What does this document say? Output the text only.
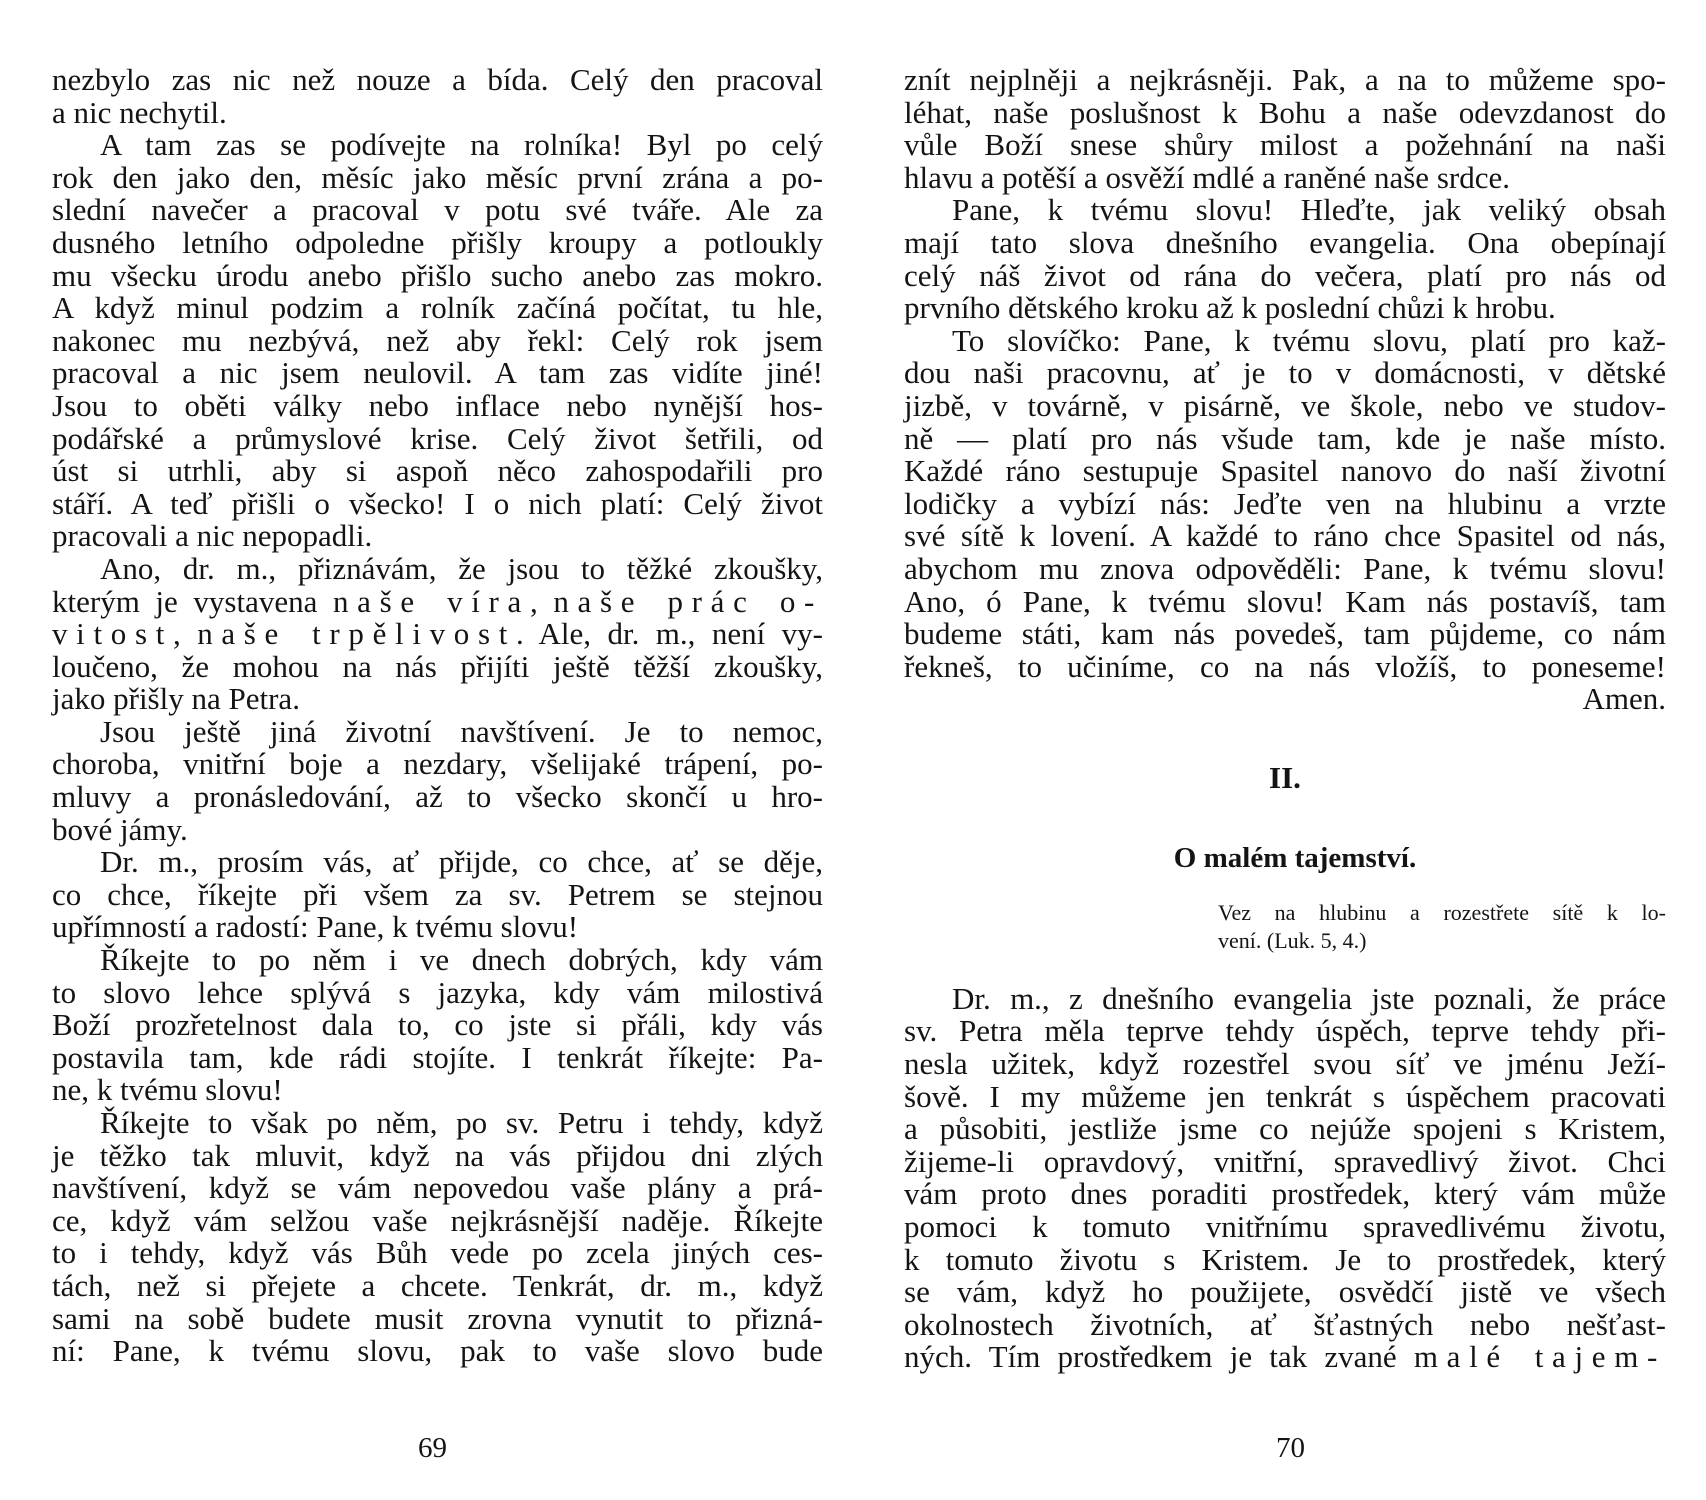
nezbylo zas nic než nouze a bída. Celý den pracoval
a nic nechytil.
A tam zas se podívejte na rolníka! Byl po celý
rok den jako den, měsíc jako měsíc první zrána a po-
slední navečer a pracoval v potu své tváře. Ale za
dusného letního odpoledne přišly kroupy a potloukly
mu všecku úrodu anebo přišlo sucho anebo zas mokro.
A když minul podzim a rolník začíná počítat, tu hle,
nakonec mu nezbývá, než aby řekl: Celý rok jsem
pracoval a nic jsem neulovil. A tam zas vidíte jiné!
Jsou to oběti války nebo inflace nebo nynější hos-
podářské a průmyslové krise. Celý život šetřili, od
úst si utrhli, aby si aspoň něco zahospodařili pro
stáří. A teď přišli o všecko! I o nich platí: Celý život
pracovali a nic nepopadli.
Ano, dr. m., přiznávám, že jsou to těžké zkoušky,
kterým je vystavena naše víra, naše prác o-
vitost, naše trpělivost. Ale, dr. m., není vy-
loučeno, že mohou na nás přijíti ještě těžší zkoušky,
jako přišly na Petra.
Jsou ještě jiná životní navštívení. Je to nemoc,
choroba, vnitřní boje a nezdary, všelijaké trápení, po-
mluvy a pronásledování, až to všecko skončí u hro-
bové jámy.
Dr. m., prosím vás, ať přijde, co chce, ať se děje,
co chce, říkejte při všem za sv. Petrem se stejnou
upřímností a radostí: Pane, k tvému slovu!
Říkejte to po něm i ve dnech dobrých, kdy vám
to slovo lehce splývá s jazyka, kdy vám milostivá
Boží prozřetelnost dala to, co jste si přáli, kdy vás
postavila tam, kde rádi stojíte. I tenkrát říkejte: Pa-
ne, k tvému slovu!
Říkejte to však po něm, po sv. Petru i tehdy, když
je těžko tak mluvit, když na vás přijdou dni zlých
navštívení, když se vám nepovedou vaše plány a prá-
ce, když vám selžou vaše nejkrásnější naděje. Říkejte
to i tehdy, když vás Bůh vede po zcela jiných ces-
tách, než si přejete a chcete. Tenkrát, dr. m., když
sami na sobě budete musit zrovna vynutit to přizná-
ní: Pane, k tvému slovu, pak to vaše slovo bude
69
znít nejplněji a nejkrásněji. Pak, a na to můžeme spo-
léhat, naše poslušnost k Bohu a naše odevzdanost do
vůle Boží snese shůry milost a požehnání na naši
hlavu a potěší a osvěží mdlé a raněné naše srdce.
Pane, k tvému slovu! Hleďte, jak veliký obsah
mají tato slova dnešního evangelia. Ona obepínají
celý náš život od rána do večera, platí pro nás od
prvního dětského kroku až k poslední chůzi k hrobu.
To slovíčko: Pane, k tvému slovu, platí pro kaž-
dou naši pracovnu, ať je to v domácnosti, v dětské
jizbě, v továrně, v pisárně, ve škole, nebo ve studov-
ně — platí pro nás všude tam, kde je naše místo.
Každé ráno sestupuje Spasitel nanovo do naší životní
lodičky a vybízí nás: Jeďte ven na hlubinu a vrzte
své sítě k lovení. A každé to ráno chce Spasitel od nás,
abychom mu znova odpověděli: Pane, k tvému slovu!
Ano, ó Pane, k tvému slovu! Kam nás postavíš, tam
budeme státi, kam nás povedeš, tam půjdeme, co nám
řekneš, to učiníme, co na nás vložíš, to poneseme!
Amen.
II.
O malém tajemství.
Vez na hlubinu a rozestřete sítě k lo-
vení. (Luk. 5, 4.)
Dr. m., z dnešního evangelia jste poznali, že práce
sv. Petra měla teprve tehdy úspěch, teprve tehdy při-
nesla užitek, když rozestřel svou síť ve jménu Ježí-
šově. I my můžeme jen tenkrát s úspěchem pracovati
a působiti, jestliže jsme co nejúže spojeni s Kristem,
žijeme-li opravdový, vnitřní, spravedlivý život. Chci
vám proto dnes poraditi prostředek, který vám může
pomoci k tomuto vnitřnímu spravedlivému životu,
k tomuto životu s Kristem. Je to prostředek, který
se vám, když ho použijete, osvědčí jistě ve všech
okolnostech životních, ať šťastných nebo nešťast-
ných. Tím prostředkem je tak zvané malé tajem-
70
